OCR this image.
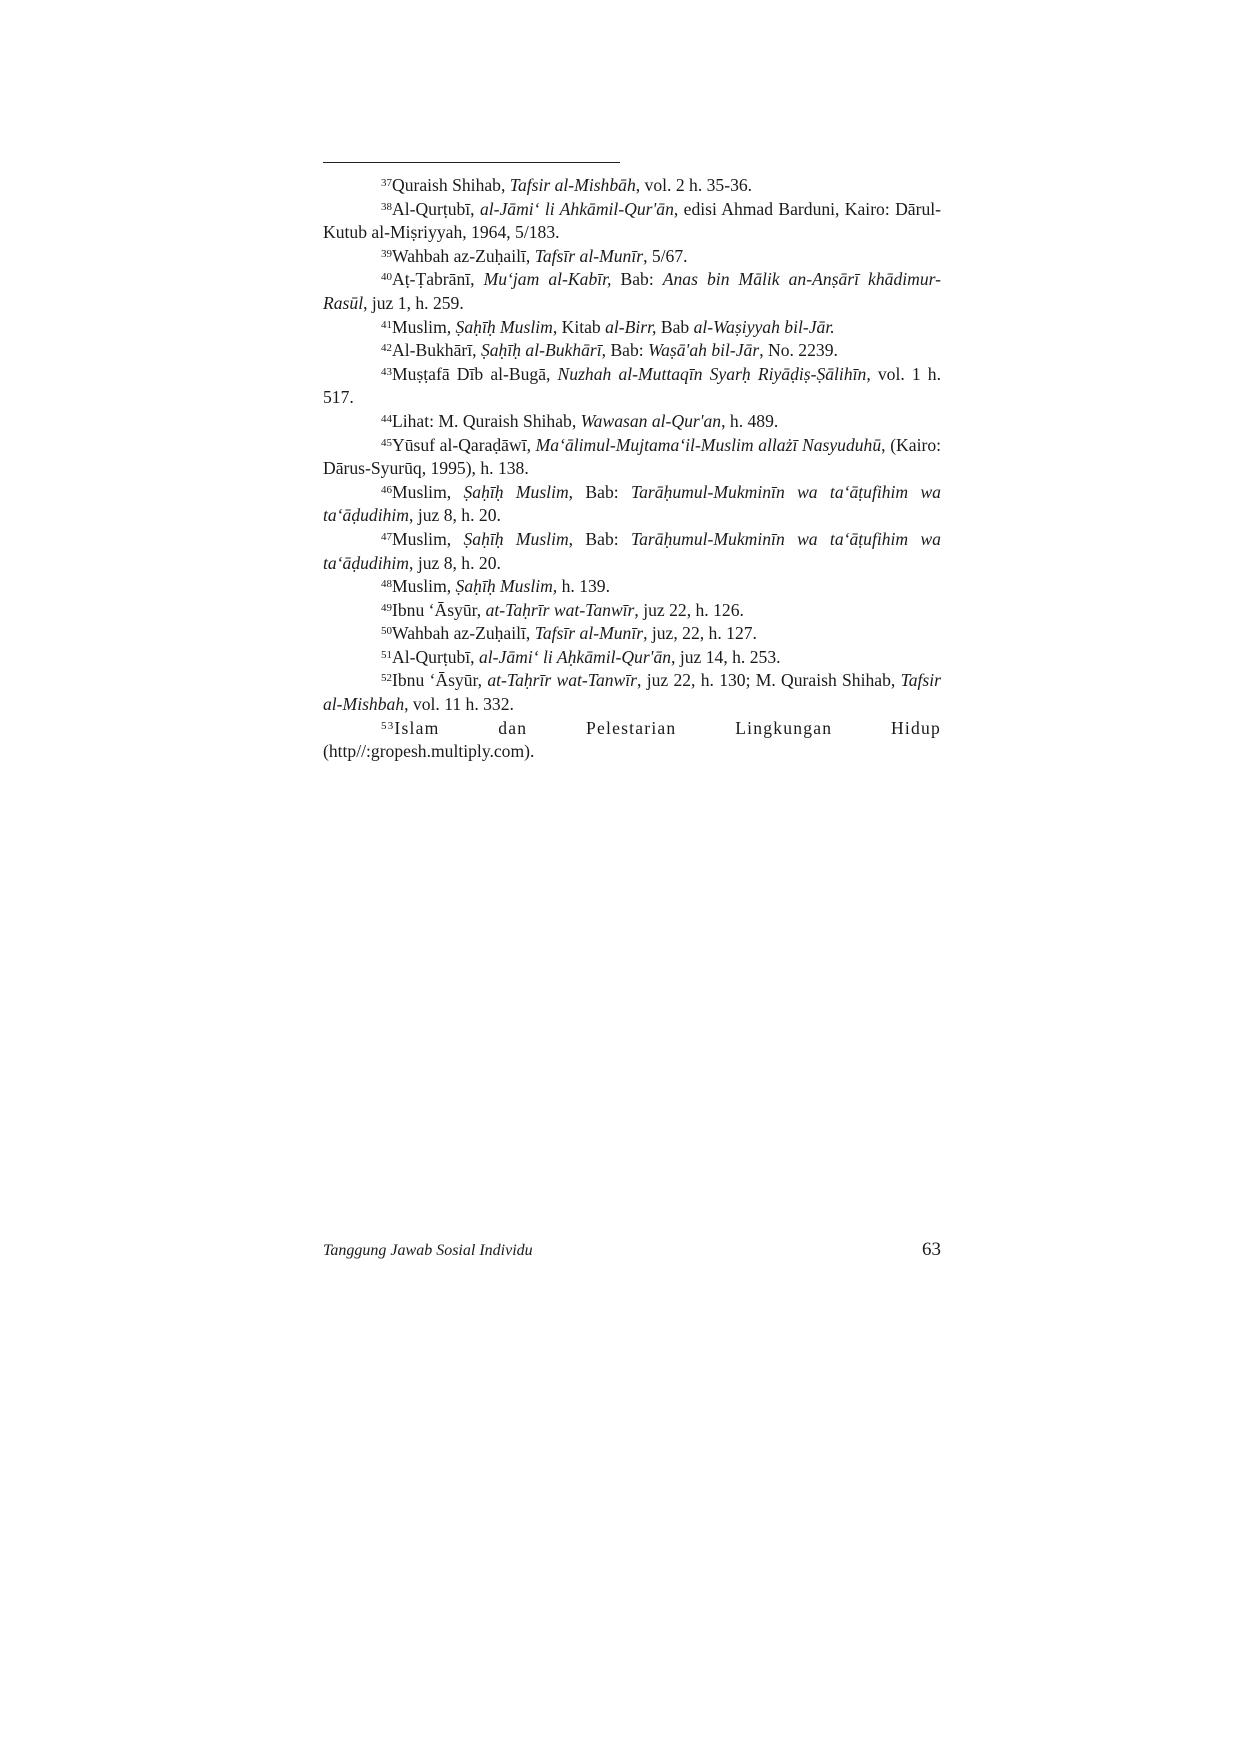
$^{37}$Quraish Shihab, Tafsir al-Mishbāh, vol. 2 h. 35-36.

$^{38}$Al-Qurṭubī, al-Jāmi‘ li Ahkāmil-Qur'ān, edisi Ahmad Barduni, Kairo: Dārul-Kutub al-Miṣriyyah, 1964, 5/183.

$^{39}$Wahbah az-Zuḥailī, Tafsīr al-Munīr, 5/67.

$^{40}$Aṭ-Ṭabrānī, Mu‘jam al-Kabīr, Bab: Anas bin Mālik an-Anṣārī khādimur-Rasūl, juz 1, h. 259.

$^{41}$Muslim, Ṣaḥīḥ Muslim, Kitab al-Birr, Bab al-Waṣiyyah bil-Jār.

$^{42}$Al-Bukhārī, Ṣaḥīḥ al-Bukhārī, Bab: Waṣā'ah bil-Jār, No. 2239.

$^{43}$Muṣṭafā Dīb al-Bugā, Nuzhah al-Muttaqīn Syarḥ Riyāḍiṣ-Ṣālihīn, vol. 1 h. 517.

$^{44}$Lihat: M. Quraish Shihab, Wawasan al-Qur'an, h. 489.

$^{45}$Yūsuf al-Qaraḍāwī, Ma‘ālimul-Mujtama‘il-Muslim allażī Nasyuduhū, (Kairo: Dārus-Syurūq, 1995), h. 138.

$^{46}$Muslim, Ṣaḥīḥ Muslim, Bab: Tarāḥumul-Mukminīn wa ta‘āṭufihim wa ta‘āḍudihim, juz 8, h. 20.

$^{47}$Muslim, Ṣaḥīḥ Muslim, Bab: Tarāḥumul-Mukminīn wa ta‘āṭufihim wa ta‘āḍudihim, juz 8, h. 20.

$^{48}$Muslim, Ṣaḥīḥ Muslim, h. 139.

$^{49}$Ibnu ‘Āsyūr, at-Taḥrīr wat-Tanwīr, juz 22, h. 126.

$^{50}$Wahbah az-Zuḥailī, Tafsīr al-Munīr, juz, 22, h. 127.

$^{51}$Al-Qurṭubī, al-Jāmi‘ li Aḥkāmil-Qur'ān, juz 14, h. 253.

$^{52}$Ibnu ‘Āsyūr, at-Taḥrīr wat-Tanwīr, juz 22, h. 130; M. Quraish Shihab, Tafsir al-Mishbah, vol. 11 h. 332.

$^{53}$Islam dan Pelestarian Lingkungan Hidup
(http//:gropesh.multiply.com).

Tanggung Jawab Sosial Individu	63
